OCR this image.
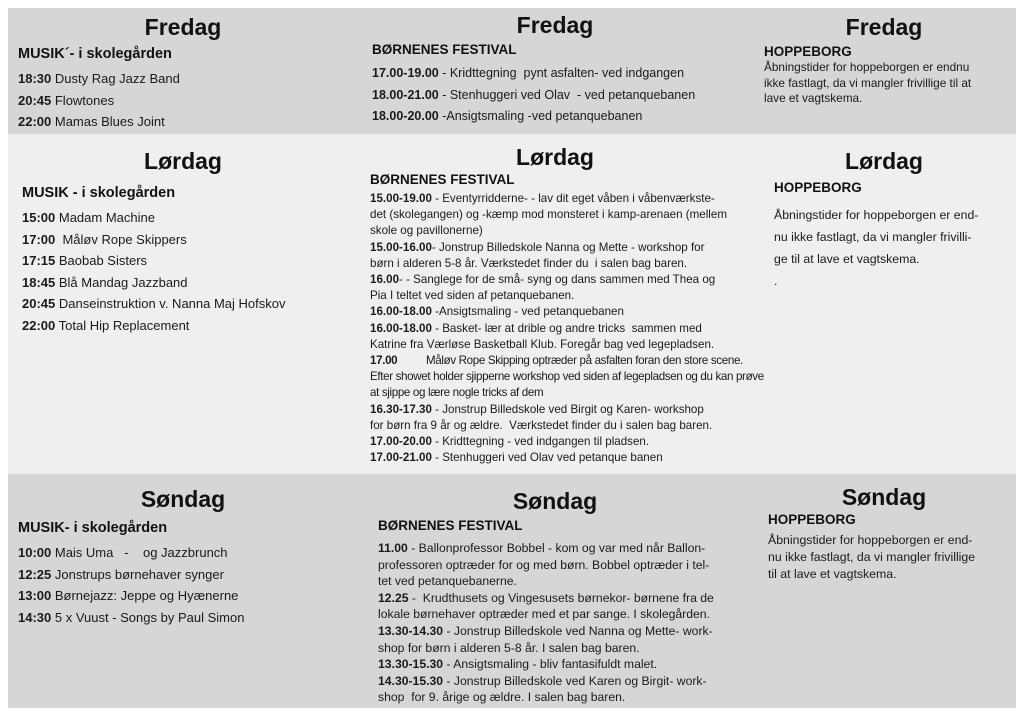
Fredag
MUSIK´- i skolegården
18:30 Dusty Rag Jazz Band
20:45 Flowtones
22:00 Mamas Blues Joint
Fredag
BØRNENES FESTIVAL
17.00-19.00 - Kridttegning  pynt asfalten- ved indgangen
18.00-21.00 - Stenhuggeri ved Olav  - ved petanquebanen
18.00-20.00 -Ansigtsmaling -ved petanquebanen
Fredag
HOPPEBORG
Åbningstider for hoppeborgen er endnu
ikke fastlagt, da vi mangler frivillige til at
lave et vagtskema.
Lørdag
MUSIK - i skolegården
15:00 Madam Machine
17:00  Måløv Rope Skippers
17:15 Baobab Sisters
18:45 Blå Mandag Jazzband
20:45 Danseinstruktion v. Nanna Maj Hofskov
22:00 Total Hip Replacement
Lørdag
BØRNENES FESTIVAL
15.00-19.00 - Eventyrridderne- - lav dit eget våben i våbenværkste-
det (skolegangen) og -kæmp mod monsteret i kamp-arenaen (mellem
skole og pavillonerne)
15.00-16.00- Jonstrup Billedskole Nanna og Mette - workshop for
børn i alderen 5-8 år. Værkstedet finder du  i salen bag baren.
16.00- - Sanglege for de små- syng og dans sammen med Thea og
Pia I teltet ved siden af petanquebanen.
16.00-18.00 -Ansigtsmaling - ved petanquebanen
16.00-18.00 - Basket- lær at drible og andre tricks  sammen med
Katrine fra Værløse Basketball Klub. Foregår bag ved legepladsen.
17.00          Måløv Rope Skipping optræder på asfalten foran den store scene.
Efter showet holder sjipperne workshop ved siden af legepladsen og du kan prøve
at sjippe og lære nogle tricks af dem
16.30-17.30 - Jonstrup Billedskole ved Birgit og Karen- workshop
for børn fra 9 år og ældre.  Værkstedet finder du i salen bag baren.
17.00-20.00 - Kridttegning - ved indgangen til pladsen.
17.00-21.00 - Stenhuggeri ved Olav ved petanque banen
Lørdag
HOPPEBORG
Åbningstider for hoppeborgen er end-
nu ikke fastlagt, da vi mangler frivilli-
ge til at lave et vagtskema.
.
Søndag
MUSIK- i skolegården
10:00 Mais Uma   -    og Jazzbrunch
12:25 Jonstrups børnehaver synger
13:00 Børnejazz: Jeppe og Hyænerne
14:30 5 x Vuust - Songs by Paul Simon
Søndag
BØRNENES FESTIVAL
11.00 - Ballonprofessor Bobbel - kom og var med når Ballon-
professoren optræder for og med børn. Bobbel optræder i tel-
tet ved petanquebanerne.
12.25 -  Krudthusets og Vingesusets børnekor- børnene fra de
lokale børnehaver optræder med et par sange. I skolegården.
13.30-14.30 - Jonstrup Billedskole ved Nanna og Mette- work-
shop for børn i alderen 5-8 år. I salen bag baren.
13.30-15.30 - Ansigtsmaling - bliv fantasifuldt malet.
14.30-15.30 - Jonstrup Billedskole ved Karen og Birgit- work-
shop  for 9. årige og ældre. I salen bag baren.
Søndag
HOPPEBORG
Åbningstider for hoppeborgen er end-
nu ikke fastlagt, da vi mangler frivillige
til at lave et vagtskema.
